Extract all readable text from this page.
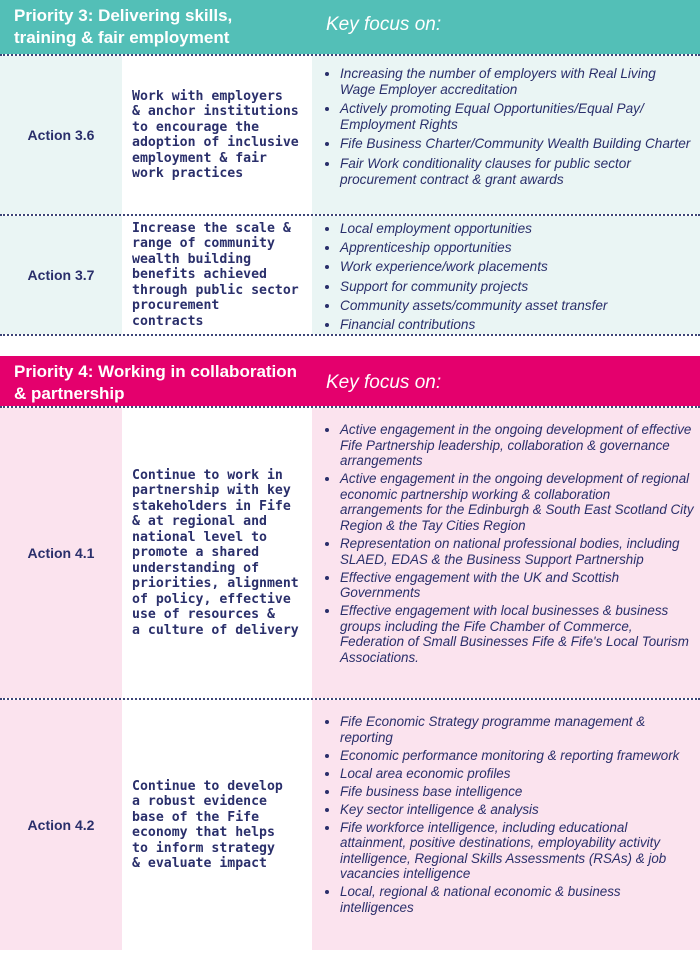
Priority 3: Delivering skills, training & fair employment
Key focus on:
Action 3.6
Work with employers
& anchor institutions
to encourage the
adoption of inclusive
employment & fair
work practices
• Increasing the number of employers with Real Living Wage Employer accreditation
• Actively promoting Equal Opportunities/Equal Pay/ Employment Rights
• Fife Business Charter/Community Wealth Building Charter
• Fair Work conditionality clauses for public sector procurement contract & grant awards
Action 3.7
Increase the scale &
range of community
wealth building
benefits achieved
through public sector
procurement
contracts
• Local employment opportunities
• Apprenticeship opportunities
• Work experience/work placements
• Support for community projects
• Community assets/community asset transfer
• Financial contributions
Priority 4: Working in collaboration & partnership
Key focus on:
Action 4.1
Continue to work in
partnership with key
stakeholders in Fife
& at regional and
national level to
promote a shared
understanding of
priorities, alignment
of policy, effective
use of resources &
a culture of delivery
• Active engagement in the ongoing development of effective Fife Partnership leadership, collaboration & governance arrangements
• Active engagement in the ongoing development of regional economic partnership working & collaboration arrangements for the Edinburgh & South East Scotland City Region & the Tay Cities Region
• Representation on national professional bodies, including SLAED, EDAS & the Business Support Partnership
• Effective engagement with the UK and Scottish Governments
• Effective engagement with local businesses & business groups including the Fife Chamber of Commerce, Federation of Small Businesses Fife & Fife's Local Tourism Associations.
Action 4.2
Continue to develop
a robust evidence
base of the Fife
economy that helps
to inform strategy
& evaluate impact
• Fife Economic Strategy programme management & reporting
• Economic performance monitoring & reporting framework
• Local area economic profiles
• Fife business base intelligence
• Key sector intelligence & analysis
• Fife workforce intelligence, including educational attainment, positive destinations, employability activity intelligence, Regional Skills Assessments (RSAs) & job vacancies intelligence
• Local, regional & national economic & business intelligences
